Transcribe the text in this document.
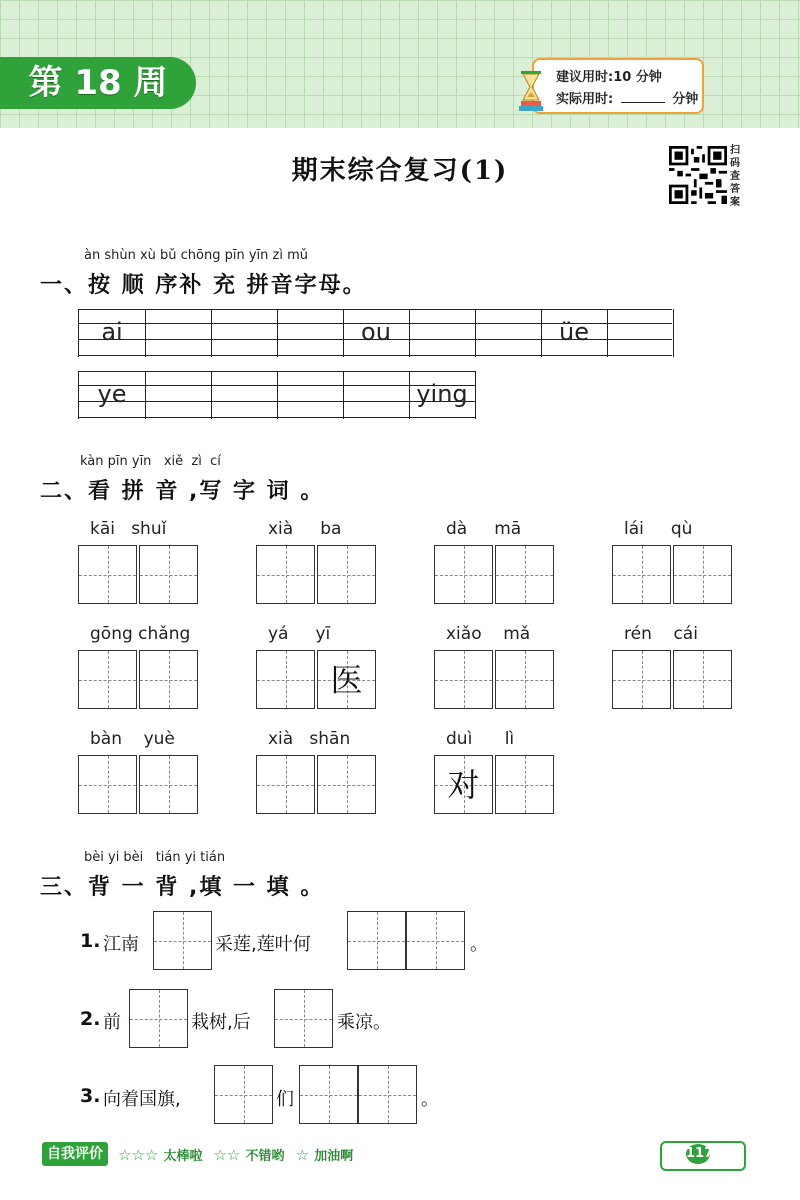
第 18 周	建议用时:10 分钟
实际用时:	分钟
扫码查答案
期末综合复习(1)
àn shùn xù bǔ chōng pīn yīn zì mǔ
一、按 顺 序补 充 拼音字母。
ai	ou	üe
ye	ying
kàn pīn yīn   xiě  zì  cí
二、看 拼 音 ,写 字 词 。
kāi   shuǐ	xià     ba	dà     mā	lái     qù
gōng chǎng	yá     yī
医
xiǎo    mǎ	rén    cái
bàn    yuè	xià   shān	duì      lì
对
bèi yi bèi   tián yi tián
三、背 一 背 ,填 一 填 。
1. 江南	采莲,莲叶何	。
2. 前	栽树,后	乘凉。
3. 向着国旗,	们	。
自我评价	☆☆☆ 太棒啦 ☆☆ 不错哟 ☆ 加油啊	117
